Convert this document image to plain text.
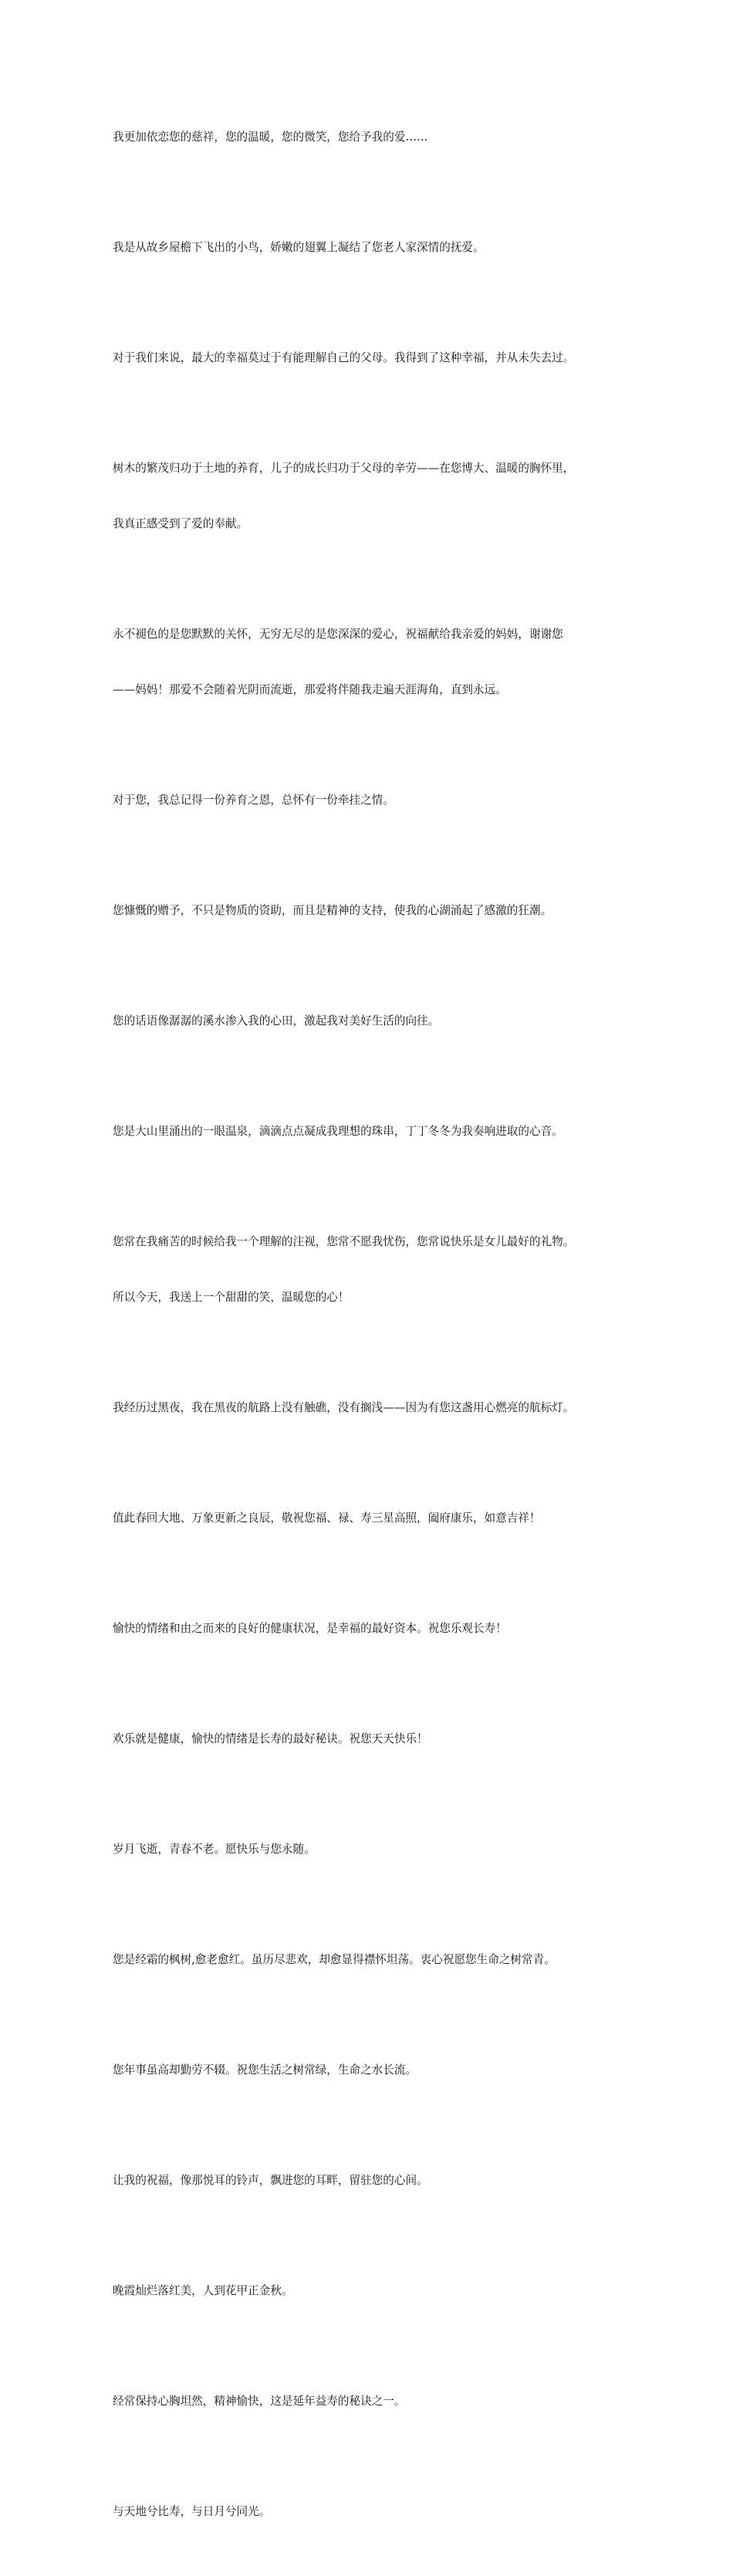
我更加依恋您的慈祥，您的温暖，您的微笑，您给予我的爱……

我是从故乡屋檐下飞出的小鸟，娇嫩的翅翼上凝结了您老人家深情的抚爱。

对于我们来说，最大的幸福莫过于有能理解自己的父母。我得到了这种幸福，并从未失去过。

树木的繁茂归功于土地的养育，儿子的成长归功于父母的辛劳——在您博大、温暖的胸怀里，

我真正感受到了爱的奉献。

永不褪色的是您默默的关怀，无穷无尽的是您深深的爱心，祝福献给我亲爱的妈妈，谢谢您

——妈妈！那爱不会随着光阴而流逝，那爱将伴随我走遍天涯海角，直到永远。

对于您，我总记得一份养育之恩，总怀有一份牵挂之情。

您慷慨的赠予，不只是物质的资助，而且是精神的支持，使我的心湖涌起了感激的狂潮。

您的话语像潺潺的溪水渗入我的心田，激起我对美好生活的向往。

您是大山里涌出的一眼温泉，滴滴点点凝成我理想的珠串，丁丁冬冬为我奏响进取的心音。

您常在我痛苦的时候给我一个理解的注视，您常不愿我忧伤，您常说快乐是女儿最好的礼物。

所以今天，我送上一个甜甜的笑，温暖您的心！

我经历过黑夜，我在黑夜的航路上没有触礁，没有搁浅——因为有您这盏用心燃亮的航标灯。

值此春回大地、万象更新之良辰，敬祝您福、禄、寿三星高照，阖府康乐，如意吉祥！

愉快的情绪和由之而来的良好的健康状况，是幸福的最好资本。祝您乐观长寿！

欢乐就是健康，愉快的情绪是长寿的最好秘诀。祝您天天快乐！

岁月飞逝，青春不老。愿快乐与您永随。

您是经霜的枫树,愈老愈红。虽历尽悲欢，却愈显得襟怀坦荡。衷心祝愿您生命之树常青。

您年事虽高却勤劳不辍。祝您生活之树常绿，生命之水长流。

让我的祝福，像那悦耳的铃声，飘进您的耳畔，留驻您的心间。

晚霞灿烂落红美，人到花甲正金秋。

经常保持心胸坦然，精神愉快，这是延年益寿的秘诀之一。

与天地兮比寿，与日月兮同光。
